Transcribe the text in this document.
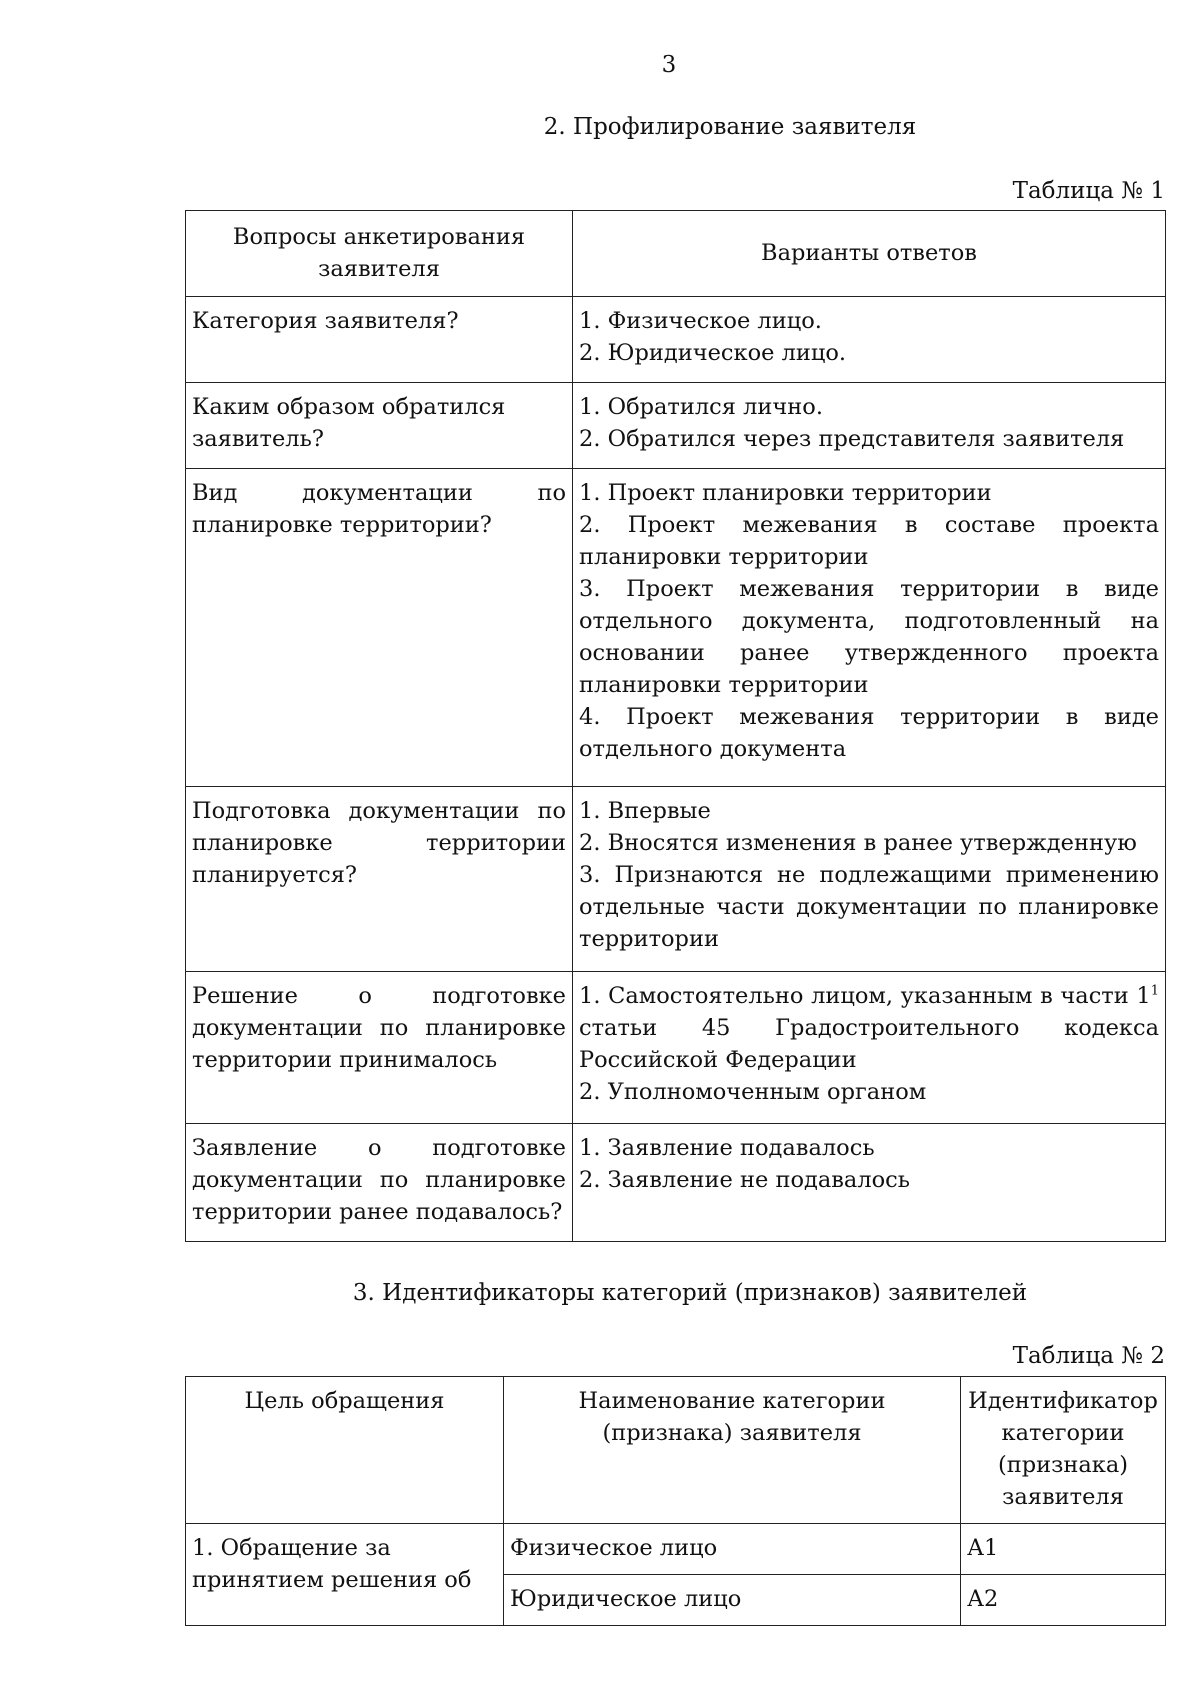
3
2. Профилирование заявителя
Таблица № 1
Вопросы анкетирования заявителя	Варианты ответов
Категория заявителя?	1. Физическое лицо.
2. Юридическое лицо.

Каким образом обратился заявитель?	1. Обратился лично.
2. Обратился через представителя заявителя

Вид документации по планировке территории?	1. Проект планировки территории
2. Проект межевания в составе проекта планировки территории
3. Проект межевания территории в виде отдельного документа, подготовленный на основании ранее утвержденного проекта планировки территории
4. Проект межевания территории в виде отдельного документа

Подготовка документации по планировке территории планируется?	1. Впервые
2. Вносятся изменения в ранее утвержденную
3. Признаются не подлежащими применению отдельные части документации по планировке территории

Решение о подготовке документации по планировке территории принималось	1. Самостоятельно лицом, указанным в части $1^1$ статьи 45 Градостроительного кодекса Российской Федерации
2. Уполномоченным органом

Заявление о подготовке документации по планировке территории ранее подавалось?	1. Заявление подавалось
2. Заявление не подавалось
3. Идентификаторы категорий (признаков) заявителей
Таблица № 2
Цель обращения	Наименование категории (признака) заявителя	Идентификатор категории (признака) заявителя
1. Обращение за принятием решения об	Физическое лицо	А1
	Юридическое лицо	А2
